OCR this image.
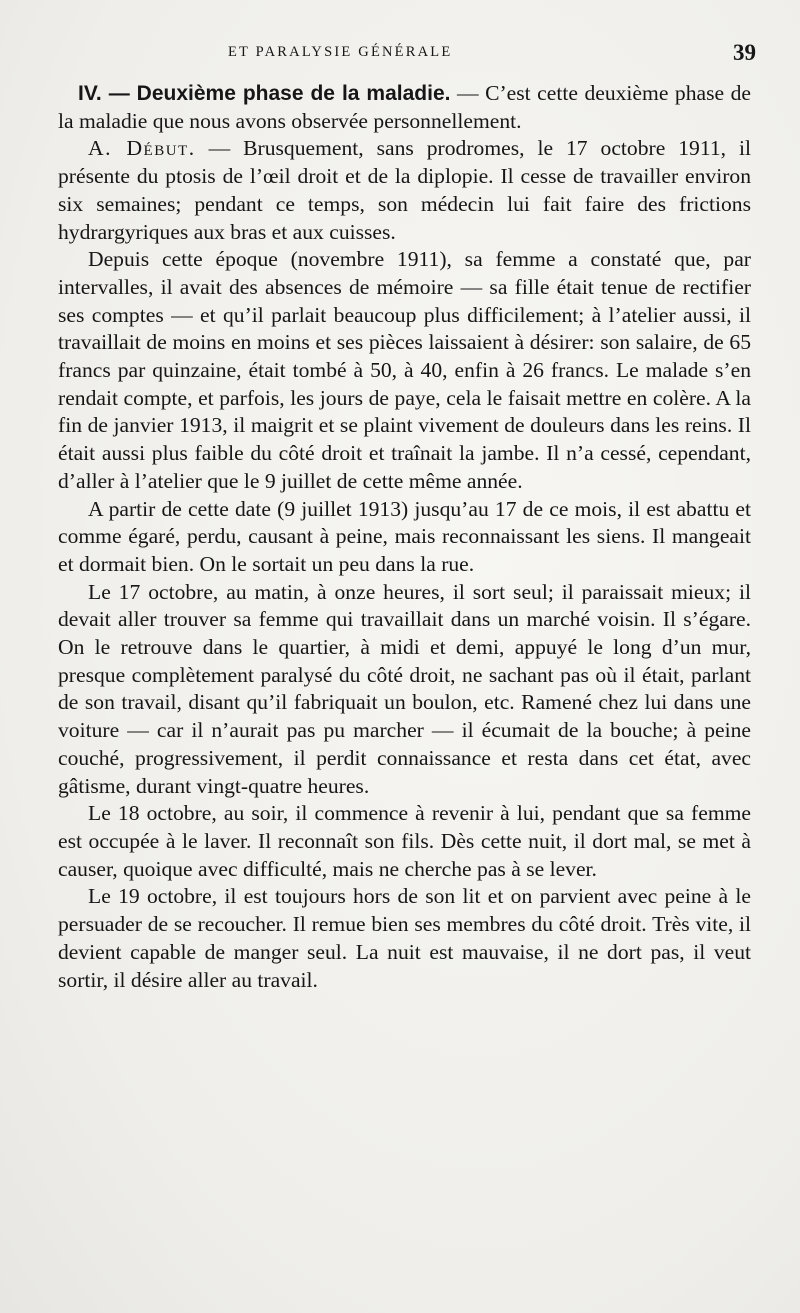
ET PARALYSIE GÉNÉRALE	39

IV. — Deuxième phase de la maladie. — C’est cette deuxième phase de la maladie que nous avons observée personnellement.

A. Début. — Brusquement, sans prodromes, le 17 octobre 1911, il présente du ptosis de l’œil droit et de la diplopie. Il cesse de travailler environ six semaines; pendant ce temps, son médecin lui fait faire des frictions hydrargyriques aux bras et aux cuisses.

Depuis cette époque (novembre 1911), sa femme a constaté que, par intervalles, il avait des absences de mémoire — sa fille était tenue de rectifier ses comptes — et qu’il parlait beaucoup plus difficilement; à l’atelier aussi, il travaillait de moins en moins et ses pièces laissaient à désirer: son salaire, de 65 francs par quinzaine, était tombé à 50, à 40, enfin à 26 francs. Le malade s’en rendait compte, et parfois, les jours de paye, cela le faisait mettre en colère. A la fin de janvier 1913, il maigrit et se plaint vivement de douleurs dans les reins. Il était aussi plus faible du côté droit et traînait la jambe. Il n’a cessé, cependant, d’aller à l’atelier que le 9 juillet de cette même année.

A partir de cette date (9 juillet 1913) jusqu’au 17 de ce mois, il est abattu et comme égaré, perdu, causant à peine, mais reconnaissant les siens. Il mangeait et dormait bien. On le sortait un peu dans la rue.

Le 17 octobre, au matin, à onze heures, il sort seul; il paraissait mieux; il devait aller trouver sa femme qui travaillait dans un marché voisin. Il s’égare. On le retrouve dans le quartier, à midi et demi, appuyé le long d’un mur, presque complètement paralysé du côté droit, ne sachant pas où il était, parlant de son travail, disant qu’il fabriquait un boulon, etc. Ramené chez lui dans une voiture — car il n’aurait pas pu marcher — il écumait de la bouche; à peine couché, progressivement, il perdit connaissance et resta dans cet état, avec gâtisme, durant vingt-quatre heures.

Le 18 octobre, au soir, il commence à revenir à lui, pendant que sa femme est occupée à le laver. Il reconnaît son fils. Dès cette nuit, il dort mal, se met à causer, quoique avec difficulté, mais ne cherche pas à se lever.

Le 19 octobre, il est toujours hors de son lit et on parvient avec peine à le persuader de se recoucher. Il remue bien ses membres du côté droit. Très vite, il devient capable de manger seul. La nuit est mauvaise, il ne dort pas, il veut sortir, il désire aller au travail.
